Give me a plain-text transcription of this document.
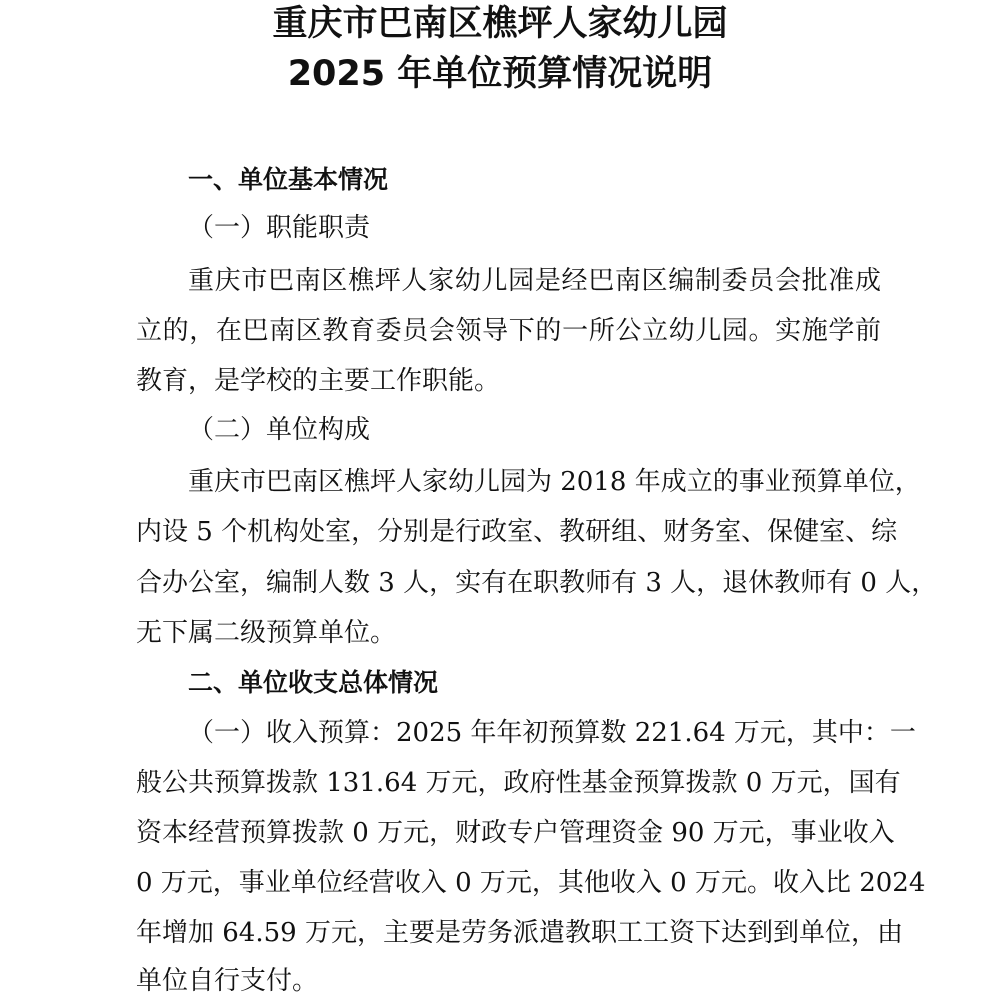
重庆市巴南区樵坪人家幼儿园
2025 年单位预算情况说明
一、单位基本情况
（一）职能职责
重庆市巴南区樵坪人家幼儿园是经巴南区编制委员会批准成
立的，在巴南区教育委员会领导下的一所公立幼儿园。实施学前
教育，是学校的主要工作职能。
（二）单位构成
重庆市巴南区樵坪人家幼儿园为 2018 年成立的事业预算单位，
内设 5 个机构处室，分别是行政室、教研组、财务室、保健室、综
合办公室，编制人数 3 人，实有在职教师有 3 人，退休教师有 0 人，
无下属二级预算单位。
二、单位收支总体情况
（一）收入预算：2025 年年初预算数 221.64 万元，其中：一
般公共预算拨款 131.64 万元，政府性基金预算拨款 0 万元，国有
资本经营预算拨款 0 万元，财政专户管理资金 90 万元，事业收入
0 万元，事业单位经营收入 0 万元，其他收入 0 万元。收入比 2024
年增加 64.59 万元，主要是劳务派遣教职工工资下达到到单位，由
单位自行支付。
